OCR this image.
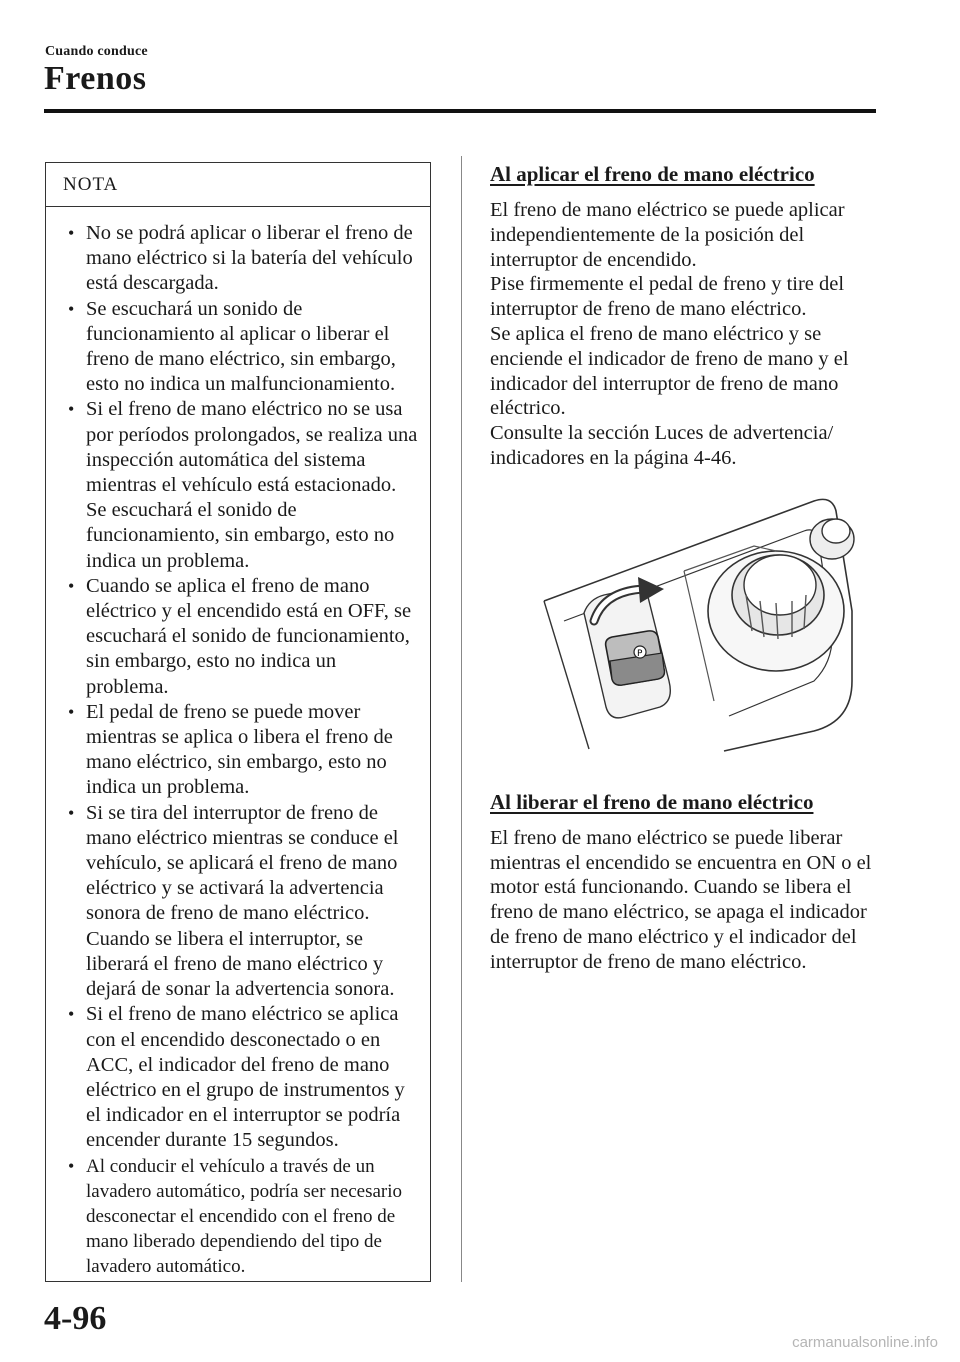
Cuando conduce
Frenos
NOTA
• No se podrá aplicar o liberar el freno de mano eléctrico si la batería del vehículo está descargada.
• Se escuchará un sonido de funcionamiento al aplicar o liberar el freno de mano eléctrico, sin embargo, esto no indica un malfuncionamiento.
• Si el freno de mano eléctrico no se usa por períodos prolongados, se realiza una inspección automática del sistema mientras el vehículo está estacionado. Se escuchará el sonido de funcionamiento, sin embargo, esto no indica un problema.
• Cuando se aplica el freno de mano eléctrico y el encendido está en OFF, se escuchará el sonido de funcionamiento, sin embargo, esto no indica un problema.
• El pedal de freno se puede mover mientras se aplica o libera el freno de mano eléctrico, sin embargo, esto no indica un problema.
• Si se tira del interruptor de freno de mano eléctrico mientras se conduce el vehículo, se aplicará el freno de mano eléctrico y se activará la advertencia sonora de freno de mano eléctrico. Cuando se libera el interruptor, se liberará el freno de mano eléctrico y dejará de sonar la advertencia sonora.
• Si el freno de mano eléctrico se aplica con el encendido desconectado o en ACC, el indicador del freno de mano eléctrico en el grupo de instrumentos y el indicador en el interruptor se podría encender durante 15 segundos.
• Al conducir el vehículo a través de un lavadero automático, podría ser necesario desconectar el encendido con el freno de mano liberado dependiendo del tipo de lavadero automático.
Al aplicar el freno de mano eléctrico

El freno de mano eléctrico se puede aplicar independientemente de la posición del interruptor de encendido.
Pise firmemente el pedal de freno y tire del interruptor de freno de mano eléctrico.
Se aplica el freno de mano eléctrico y se enciende el indicador de freno de mano y el indicador del interruptor de freno de mano eléctrico.
Consulte la sección Luces de advertencia/ indicadores en la página 4-46.

P
Al liberar el freno de mano eléctrico

El freno de mano eléctrico se puede liberar mientras el encendido se encuentra en ON o el motor está funcionando. Cuando se libera el freno de mano eléctrico, se apaga el indicador de freno de mano eléctrico y el indicador del interruptor de freno de mano eléctrico.

4-96
carmanualsonline.info
